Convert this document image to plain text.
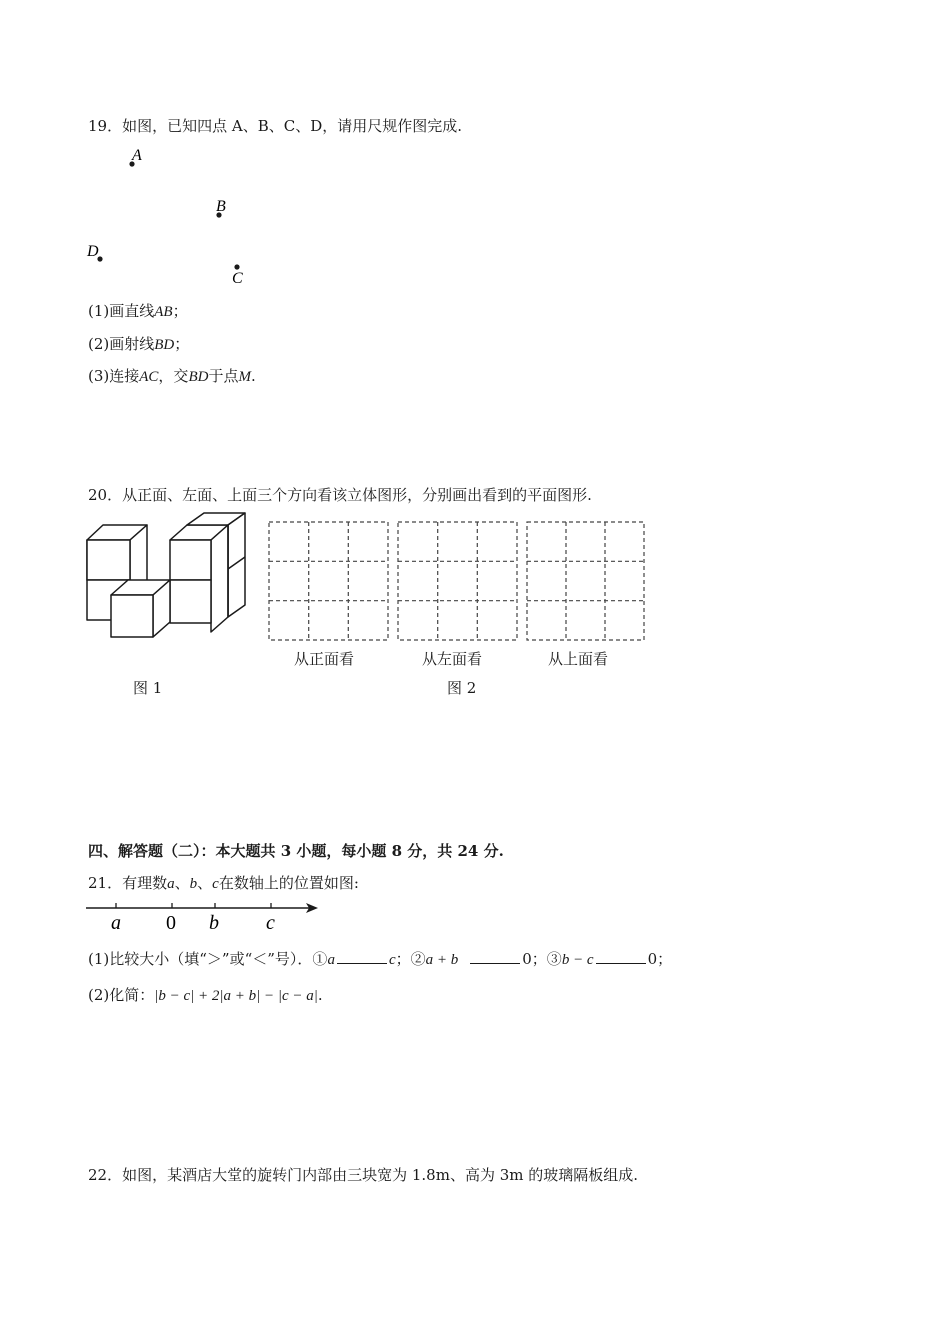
19．如图，已知四点 A、B、C、D，请用尺规作图完成.
A
B
C
D
(1)画直线AB；
(2)画射线BD；
(3)连接AC，交BD于点M.
20．从正面、左面、上面三个方向看该立体图形，分别画出看到的平面图形.
从正面看	从左面看	从上面看
图 1	图 2
四、解答题（二）：本大题共 3 小题，每小题 8 分，共 24 分.
21．有理数a、b、c在数轴上的位置如图:
a 0 b c
(1)比较大小（填“＞”或“＜”号）．①a	c；②a + b	0；③b − c	0；
(2)化简：|b − c| + 2|a + b| − |c − a|.
22．如图，某酒店大堂的旋转门内部由三块宽为 1.8m、高为 3m 的玻璃隔板组成.
